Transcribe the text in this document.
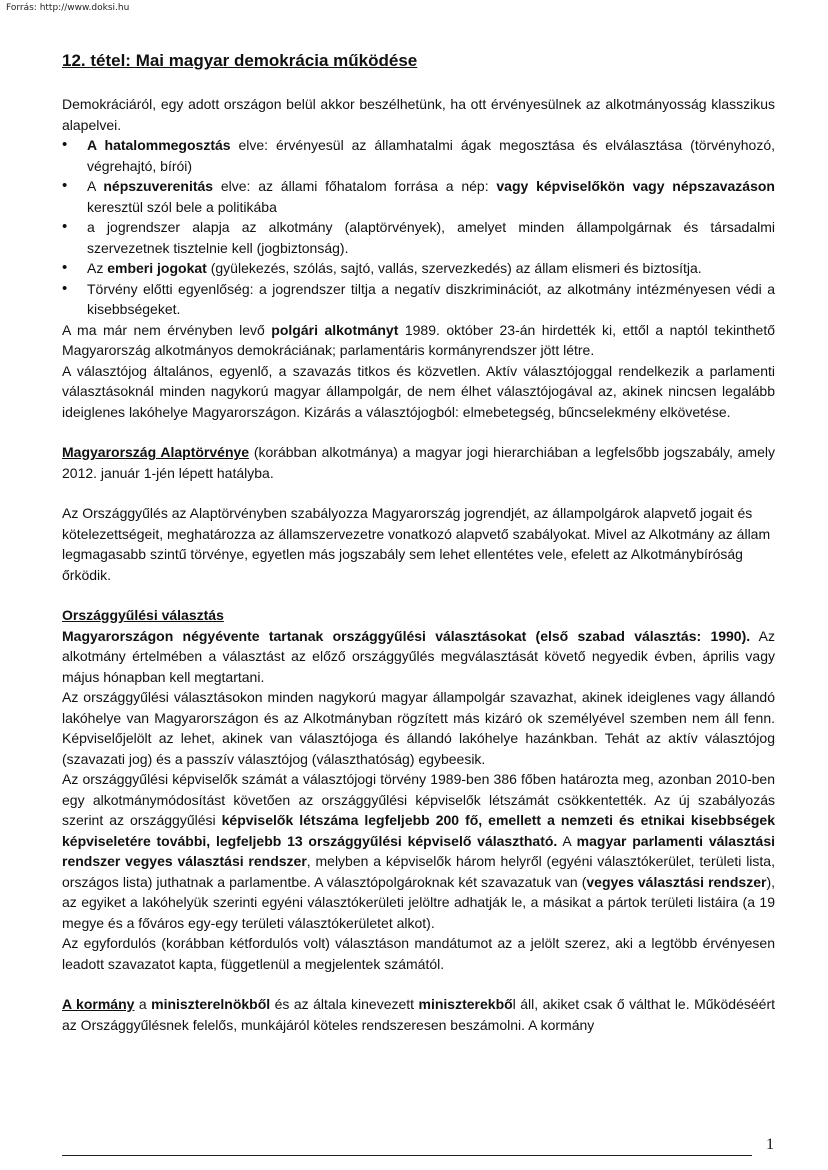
Forrás: http://www.doksi.hu
12. tétel: Mai magyar demokrácia működése

Demokráciáról, egy adott országon belül akkor beszélhetünk, ha ott érvényesülnek az alkotmányosság klasszikus alapelvei.

• A hatalommegosztás elve: érvényesül az államhatalmi ágak megosztása és elválasztása (törvényhozó, végrehajtó, bírói)
• A népszuverenitás elve: az állami főhatalom forrása a nép: vagy képviselőkön vagy népszavazáson keresztül szól bele a politikába
• a jogrendszer alapja az alkotmány (alaptörvények), amelyet minden állampolgárnak és társadalmi szervezetnek tisztelnie kell (jogbiztonság).
• Az emberi jogokat (gyülekezés, szólás, sajtó, vallás, szervezkedés) az állam elismeri és biztosítja.
• Törvény előtti egyenlőség: a jogrendszer tiltja a negatív diszkriminációt, az alkotmány intézményesen védi a kisebbségeket.

A ma már nem érvényben levő polgári alkotmányt 1989. október 23-án hirdették ki, ettől a naptól tekinthető Magyarország alkotmányos demokráciának; parlamentáris kormányrendszer jött létre.

A választójog általános, egyenlő, a szavazás titkos és közvetlen. Aktív választójoggal rendelkezik a parlamenti választásoknál minden nagykorú magyar állampolgár, de nem élhet választójogával az, akinek nincsen legalább ideiglenes lakóhelye Magyarországon. Kizárás a választójogból: elmebetegség, bűncselekmény elkövetése.

Magyarország Alaptörvénye (korábban alkotmánya) a magyar jogi hierarchiában a legfelsőbb jogszabály, amely 2012. január 1-jén lépett hatályba.

Az Országgyűlés az Alaptörvényben szabályozza Magyarország jogrendjét, az állampolgárok alapvető jogait és kötelezettségeit, meghatározza az államszervezetre vonatkozó alapvető szabályokat. Mivel az Alkotmány az állam legmagasabb szintű törvénye, egyetlen más jogszabály sem lehet ellentétes vele, efelett az Alkotmánybíróság őrködik.

Országgyűlési választás

Magyarországon négyévente tartanak országgyűlési választásokat (első szabad választás: 1990). Az alkotmány értelmében a választást az előző országgyűlés megválasztását követő negyedik évben, április vagy május hónapban kell megtartani.

Az országgyűlési választásokon minden nagykorú magyar állampolgár szavazhat, akinek ideiglenes vagy állandó lakóhelye van Magyarországon és az Alkotmányban rögzített más kizáró ok személyével szemben nem áll fenn. Képviselőjelölt az lehet, akinek van választójoga és állandó lakóhelye hazánkban. Tehát az aktív választójog (szavazati jog) és a passzív választójog (választhatóság) egybeesik.

Az országgyűlési képviselők számát a választójogi törvény 1989-ben 386 főben határozta meg, azonban 2010-ben egy alkotmánymódosítást követően az országgyűlési képviselők létszámát csökkentették. Az új szabályozás szerint az országgyűlési képviselők létszáma legfeljebb 200 fő, emellett a nemzeti és etnikai kisebbségek képviseletére további, legfeljebb 13 országgyűlési képviselő választható. A magyar parlamenti választási rendszer vegyes választási rendszer, melyben a képviselők három helyről (egyéni választókerület, területi lista, országos lista) juthatnak a parlamentbe. A választópolgároknak két szavazatuk van (vegyes választási rendszer), az egyiket a lakóhelyük szerinti egyéni választókerületi jelöltre adhatják le, a másikat a pártok területi listáira (a 19 megye és a főváros egy-egy területi választókerületet alkot).

Az egyfordulós (korábban kétfordulós volt) választáson mandátumot az a jelölt szerez, aki a legtöbb érvényesen leadott szavazatot kapta, függetlenül a megjelentek számától.

A kormány a miniszterelnökből és az általa kinevezett miniszterekből áll, akiket csak ő válthat le. Működéséért az Országgyűlésnek felelős, munkájáról köteles rendszeresen beszámolni. A kormány

1
